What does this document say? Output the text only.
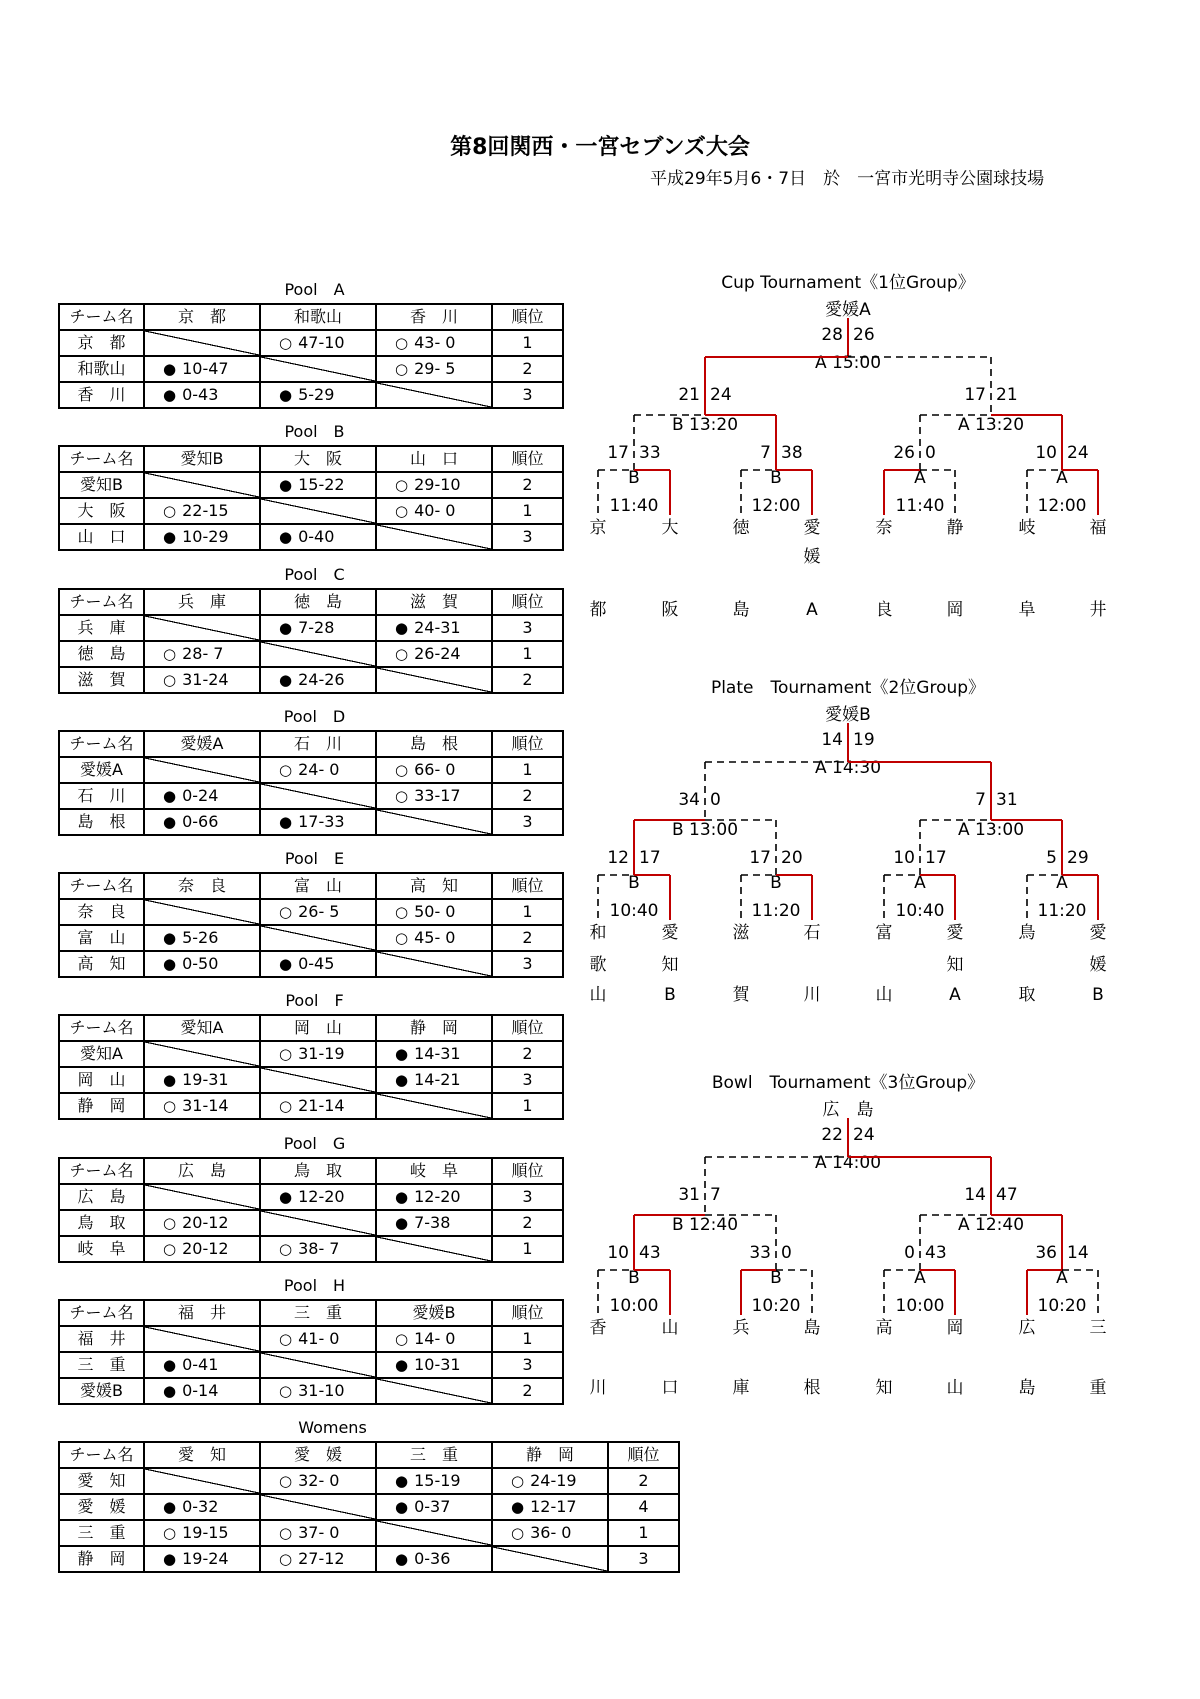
第8回関西・一宮セブンズ大会
平成29年5月6・7日　於　一宮市光明寺公園球技場
Pool　A
チーム名	京　都	和歌山	香　川	順位
京　都		○ 47-10	○ 43- 0	1
和歌山	● 10-47		○ 29- 5	2
香　川	● 0-43	● 5-29		3
Pool　B
チーム名	愛知B	大　阪	山　口	順位
愛知B		● 15-22	○ 29-10	2
大　阪	○ 22-15		○ 40- 0	1
山　口	● 10-29	● 0-40		3
Pool　C
チーム名	兵　庫	徳　島	滋　賀	順位
兵　庫		● 7-28	● 24-31	3
徳　島	○ 28- 7		○ 26-24	1
滋　賀	○ 31-24	● 24-26		2
Pool　D
チーム名	愛媛A	石　川	島　根	順位
愛媛A		○ 24- 0	○ 66- 0	1
石　川	● 0-24		○ 33-17	2
島　根	● 0-66	● 17-33		3
Pool　E
チーム名	奈　良	富　山	高　知	順位
奈　良		○ 26- 5	○ 50- 0	1
富　山	● 5-26		○ 45- 0	2
高　知	● 0-50	● 0-45		3
Pool　F
チーム名	愛知A	岡　山	静　岡	順位
愛知A		○ 31-19	● 14-31	2
岡　山	● 19-31		● 14-21	3
静　岡	○ 31-14	○ 21-14		1
Pool　G
チーム名	広　島	鳥　取	岐　阜	順位
広　島		● 12-20	● 12-20	3
鳥　取	○ 20-12		● 7-38	2
岐　阜	○ 20-12	○ 38- 7		1
Pool　H
チーム名	福　井	三　重	愛媛B	順位
福　井		○ 41- 0	○ 14- 0	1
三　重	● 0-41		● 10-31	3
愛媛B	● 0-14	○ 31-10		2
Womens
チーム名	愛　知	愛　媛	三　重	静　岡	順位
愛　知		○ 32- 0	● 15-19	○ 24-19	2
愛　媛	● 0-32		● 0-37	● 12-17	4
三　重	○ 19-15	○ 37- 0		○ 36- 0	1
静　岡	● 19-24	○ 27-12	● 0-36		3
Cup Tournament《1位Group》
愛媛A
28 26
A 15:00
21 24
B 13:20
17 21
A 13:20
17 33
B
11:40
7 38
B
12:00
26 0
A
11:40
10 24
A
12:00
京
都
大
阪
徳
島
愛
媛
A
奈
良
静
岡
岐
阜
福
井
Plate　Tournament《2位Group》
愛媛B
14 19
A 14:30
34 0
B 13:00
7 31
A 13:00
12 17
B
10:40
17 20
B
11:20
10 17
A
10:40
5 29
A
11:20
和
歌
山
愛
知
B
滋
賀
石
川
富
山
愛
知
A
鳥
取
愛
媛
B
Bowl　Tournament《3位Group》
広　島
22 24
A 14:00
31 7
B 12:40
14 47
A 12:40
10 43
B
10:00
33 0
B
10:20
0 43
A
10:00
36 14
A
10:20
香
川
山
口
兵
庫
島
根
高
知
岡
山
広
島
三
重
